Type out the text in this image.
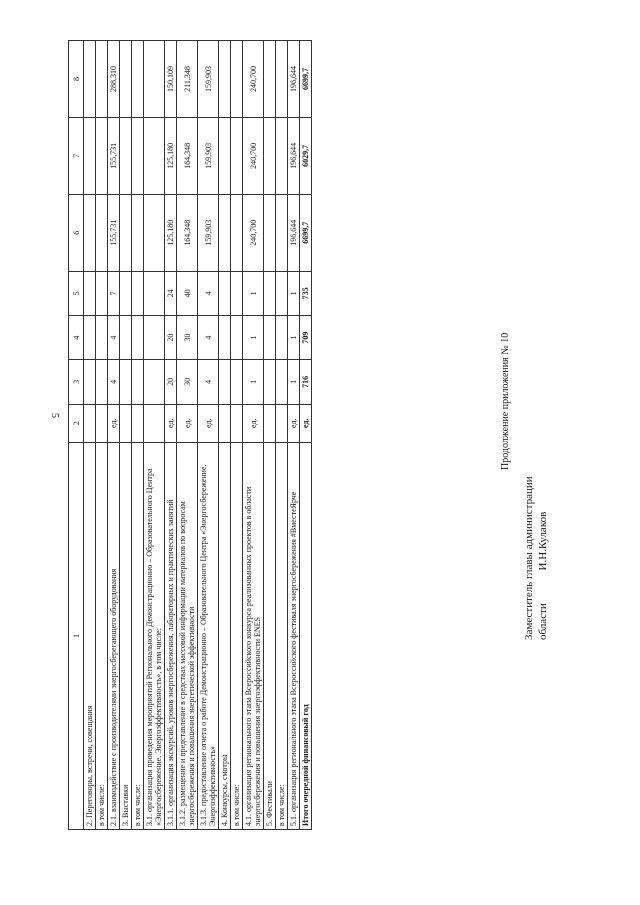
5	Продолжение приложения № 10
1	2	3	4	5	6	7	8
2. Переговоры, встречи, совещания							
в том числе:							
2.1. взаимодействие с производителями энергосберегающего оборудования	ед.	4	4	7	155,731	155,731	288,310
3. Выставки							
в том числе:							
3.1. организация проведения мероприятий Регионального Демонстрационно – Образовательного Центра «Энергосбережение. Энергоэффективность», в том числе:							
3.1.1. организация экскурсий, уроков энергосбережения, лабораторных и практических занятий	ед.	20	20	24	125,180	125,180	150,109
3.1.2. размещение и представление в средствах массовой информации материалов по вопросам энергосбережения и повышения энергетической эффективности	ед.	30	30	40	164,348	164,348	211,348
3.1.3. предоставление отчета о работе Демонстрационно – Образовательного Центра «Энергосбережение. Энергоэффективность»	ед.	4	4	4	159,903	159,903	159,903
4. Конкурсы, смотры							
в том числе:							
4.1. организация регионального этапа Всероссийского конкурса реализованных проектов в области энергосбережения и повышения энергоэффективности ENES	ед.	1	1	1	240,700	240,700	240,700
5. Фестивали							
в том числе:							
5.1. организация регионального этапа Всероссийского фестиваля энергосбережения #ВместеЯрче	ед.	1	1	1	196,644	196,644	196,644
Итого очередной финансовый год	ед.	716	709	735	6699,7	6029,7	6699,7
Заместитель главы администрации области И.Н.Кулаков
